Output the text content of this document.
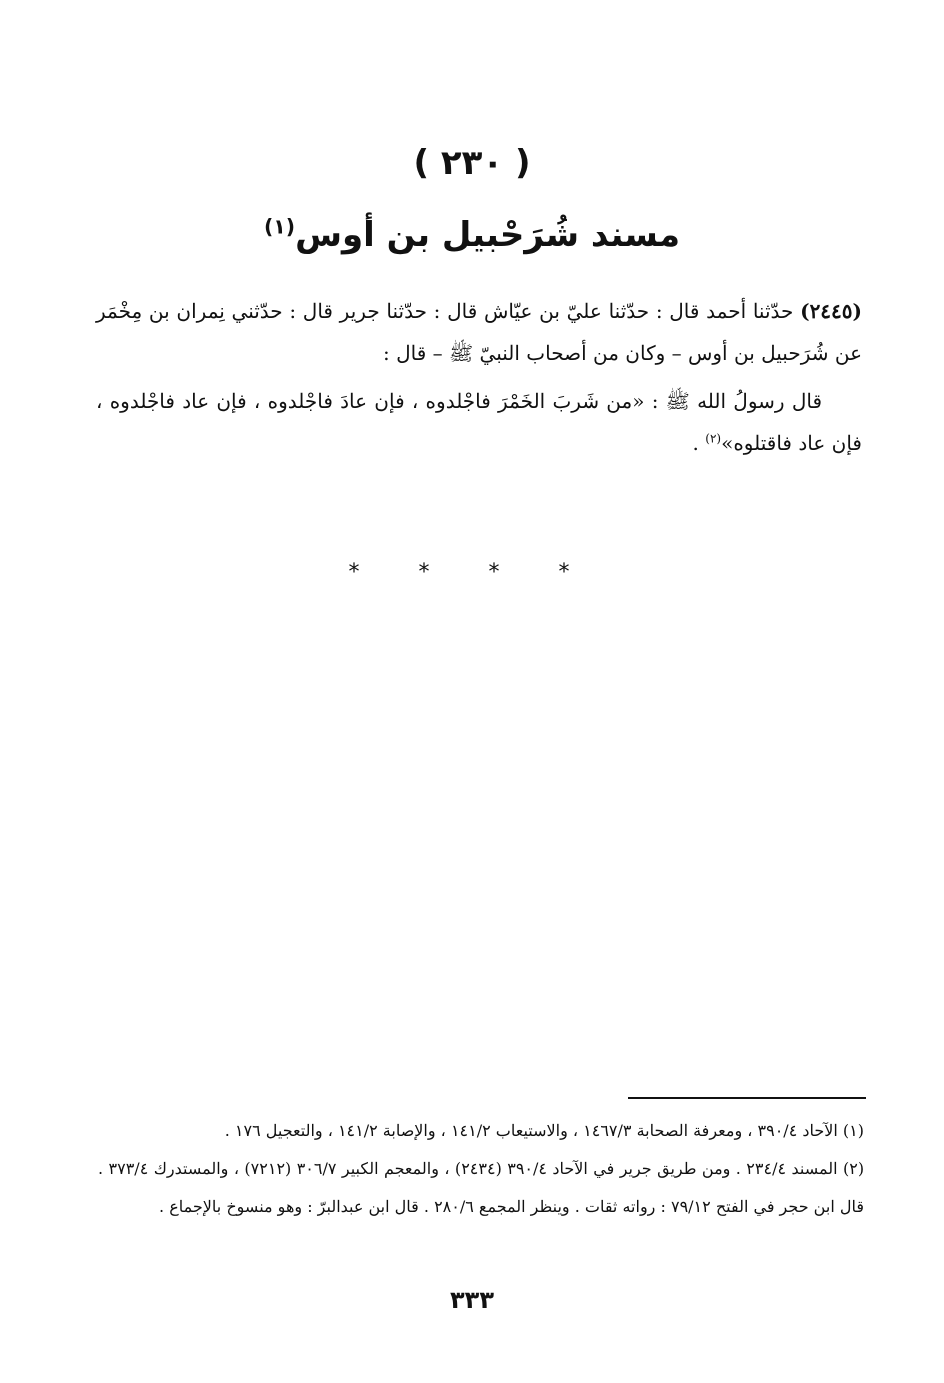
( ٢٣٠ )
مسند شُرَحْبيل بن أوس$^{(١)}$

(٢٤٤٥) حدّثنا أحمد قال : حدّثنا عليّ بن عيّاش قال : حدّثنا جرير قال : حدّثني نِمران بن مِخْمَر عن شُرَحبيل بن أوس – وكان من أصحاب النبيّ ﷺ – قال :

قال رسولُ الله ﷺ : «من شَربَ الخَمْرَ فاجْلدوه ، فإن عادَ فاجْلدوه ، فإن عاد فاجْلدوه ، فإن عاد فاقتلوه»$^{(٢)}$ .

* * * *

(١) الآحاد ٣٩٠/٤ ، ومعرفة الصحابة ١٤٦٧/٣ ، والاستيعاب ١٤١/٢ ، والإصابة ١٤١/٢ ، والتعجيل ١٧٦ .

(٢) المسند ٢٣٤/٤ . ومن طريق جرير في الآحاد ٣٩٠/٤ (٢٤٣٤) ، والمعجم الكبير ٣٠٦/٧ (٧٢١٢) ، والمستدرك ٣٧٣/٤ . قال ابن حجر في الفتح ٧٩/١٢ : رواته ثقات . وينظر المجمع ٢٨٠/٦ . قال ابن عبدالبرّ : وهو منسوخ بالإجماع .

٣٣٣
